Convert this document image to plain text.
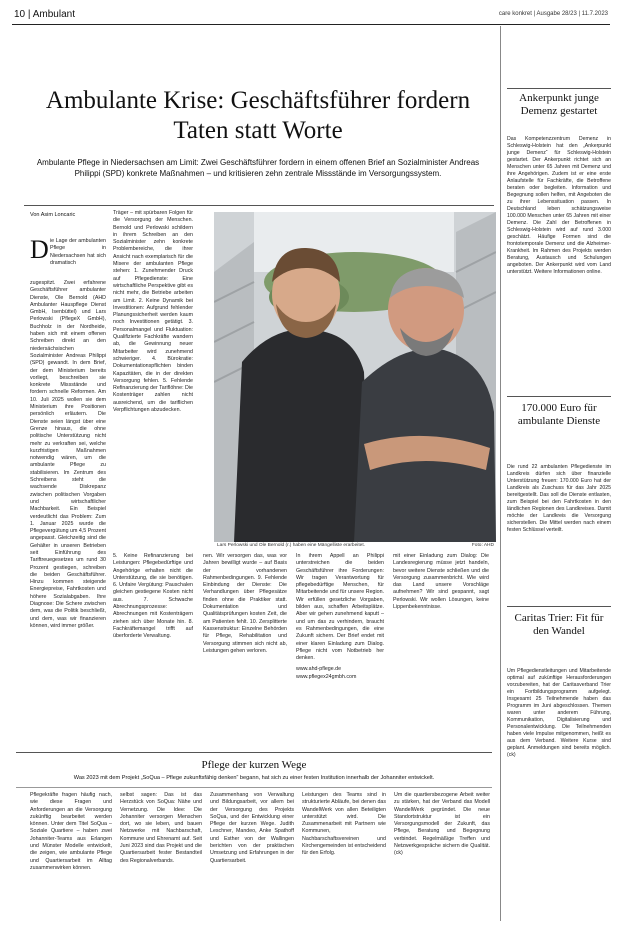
10 | Ambulant	care konkret | Ausgabe 28/23 | 11.7.2023
Ambulante Krise: Geschäftsführer fordern Taten statt Worte
Ambulante Pflege in Niedersachsen am Limit: Zwei Geschäftsführer fordern in einem offenen Brief an Sozialminister Andreas Philippi (SPD) konkrete Maßnahmen – und kritisieren zehn zentrale Missstände im Versorgungssystem.
Von Asim Loncaric
D ie Lage der ambulanten Pflege in Niedersachsen hat sich dramatisch
zugespitzt. Zwei erfahrene Geschäftsführer ambulanter Dienste, Ole Bernold (AHD Ambulanter Hauspflege Dienst GmbH, Isenbüttel) und Lars Perlowski (PflegeX GmbH), Buchholz in der Nordheide, haben sich mit einem offenen Schreiben direkt an den niedersächsischen Sozialminister Andreas Philippi (SPD) gewandt. In dem Brief, der dem Ministerium bereits vorliegt, beschreiben sie konkrete Missstände und fordern schnelle Reformen. Am 10. Juli 2025 wollen sie dem Ministerium ihre Positionen persönlich erläutern. Die Dienste seien längst über eine Grenze hinaus, die ohne politische Unterstützung nicht mehr zu verkraften sei, welche kurzfristigen Maßnahmen notwendig wären, um die ambulante Pflege zu stabilisieren. Im Zentrum des Schreibens steht die wachsende Diskrepanz zwischen politischen Vorgaben und wirtschaftlicher Machbarkeit. Ein Beispiel verdeutlicht das Problem: Zum 1. Januar 2025 wurde die Pflegevergütung um 4,5 Prozent angepasst. Gleichzeitig sind die Gehälter in unseren Betrieben seit Einführung des Tariftreuegesetzes um rund 30 Prozent gestiegen, schreiben die beiden Geschäftsführer. Hinzu kommen steigende Energiepreise, Fahrtkosten und höhere Sozialabgaben. Ihre Diagnose: Die Schere zwischen dem, was die Politik beschließt, und dem, was wir finanzieren können, wird immer größer.
Träger – mit spürbaren Folgen für die Versorgung der Menschen. Bernold und Perlowski schildern in ihrem Schreiben an den Sozialminister zehn konkrete Problembereiche, die ihrer Ansicht nach exemplarisch für die Misere der ambulanten Pflege stehen: 1. Zunehmender Druck auf Pflegedienste: Eine wirtschaftliche Perspektive gibt es nicht mehr, die Betriebe arbeiten am Limit. 2. Keine Dynamik bei Investitionen: Aufgrund fehlender Planungssicherheit werden kaum noch Investitionen getätigt. 3. Personalmangel und Fluktuation: Qualifizierte Fachkräfte wandern ab, die Gewinnung neuer Mitarbeiter wird zunehmend schwieriger. 4. Bürokratie: Dokumentationspflichten binden Kapazitäten, die in der direkten Versorgung fehlen. 5. Fehlende Refinanzierung der Tariflöhne: Die Kostenträger zahlen nicht ausreichend, um die tariflichen Verpflichtungen abzudecken.
Lars Perlowski und Ole Bernold (r.) haben eine Mängelliste erarbeitet.	Foto: AHD
5. Keine Refinanzierung bei Leistungen: Pflegebedürftige und Angehörige erhalten nicht die Unterstützung, die sie benötigen. 6. Unfaire Vergütung: Pauschalen gleichen gestiegene Kosten nicht aus. 7. Schwache Abrechnungsprozesse: Abrechnungen mit Kostenträgern ziehen sich über Monate hin. 8. Fachkräftemangel trifft auf überforderte Verwaltung.
nen. Wir versorgen das, was vor Jahren bewilligt wurde – auf Basis der vorhandenen Rahmenbedingungen. 9. Fehlende Einbindung der Dienste: Die Verhandlungen über Pflegesätze finden ohne die Praktiker statt. Dokumentation und Qualitätsprüfungen kosten Zeit, die am Patienten fehlt. 10. Zersplitterte Kassenstruktur: Einzelne Behörden für Pflege, Rehabilitation und Versorgung stimmen sich nicht ab, Leistungen gehen verloren.
In ihrem Appell an Philippi unterstreichen die beiden Geschäftsführer ihre Forderungen: Wir tragen Verantwortung für pflegebedürftige Menschen, für Mitarbeitende und für unsere Region. Wir erfüllen gesetzliche Vorgaben, bilden aus, schaffen Arbeitsplätze. Aber wir gehen zunehmend kaputt – und um das zu verhindern, braucht es Rahmenbedingungen, die eine Zukunft sichern. Der Brief endet mit einer klaren Einladung zum Dialog. Pflege nicht vom Notbetrieb her denken.
www.ahd-pflege.de
www.pflegex24gmbh.com
mit einer Einladung zum Dialog: Die Landesregierung müsse jetzt handeln, bevor weitere Dienste schließen und die Versorgung zusammenbricht. Wie wird das Land unsere Vorschläge aufnehmen? Wir sind gespannt, sagt Perlowski. Wir wollen Lösungen, keine Lippenbekenntnisse.
Pflege der kurzen Wege
Was 2023 mit dem Projekt „SoQua – Pflege zukunftsfähig denken“ begann, hat sich zu einer festen Institution innerhalb der Johanniter entwickelt.
Pflegekräfte fragen häufig nach, wie diese Fragen und Anforderungen an die Versorgung zukünftig bearbeitet werden können. Unter dem Titel SoQua – Soziale Quartiere – haben zwei Johanniter-Teams aus Erlangen und Münster Modelle entwickelt, die zeigen, wie ambulante Pflege und Quartiersarbeit im Alltag zusammenwirken können.
selbst sagen: Das ist das Herzstück von SoQua: Nähe und Vernetzung. Die Idee: Die Johanniter versorgen Menschen dort, wo sie leben, und bauen Netzwerke mit Nachbarschaft, Kommune und Ehrenamt auf. Seit Juni 2023 sind das Projekt und die Quartiersarbeit fester Bestandteil des Regionalverbands.
Zusammenhang von Verwaltung und Bildungsarbeit, vor allem bei der Versorgung des Projekts SoQua, und der Entwicklung einer Pflege der kurzen Wege. Judith Leschner, Mandeo, Anke Spathoff und Esther von der Wallingen berichten von der praktischen Umsetzung und Erfahrungen in der Quartiersarbeit.
Leistungen des Teams sind in strukturierte Abläufe, bei denen das WandelWerk von allen Beteiligten unterstützt wird. Die Zusammenarbeit mit Partnern wie Kommunen, Nachbarschaftsvereinen und Kirchengemeinden ist entscheidend für den Erfolg.
Um die quartiersbezogene Arbeit weiter zu stärken, hat der Verband das Modell WandelWerk gegründet. Die neue Standortstruktur ist ein Versorgungsmodell der Zukunft, das Pflege, Beratung und Begegnung verbindet. Regelmäßige Treffen und Netzwerkgespräche sichern die Qualität. (ck)
Ankerpunkt junge Demenz gestartet
Das Kompetenzzentrum Demenz in Schleswig-Holstein hat den „Ankerpunkt junge Demenz“ für Schleswig-Holstein gestartet. Der Ankerpunkt richtet sich an Menschen unter 65 Jahren mit Demenz und ihre Angehörigen. Zudem ist er eine erste Anlaufstelle für Fachkräfte, die Betroffene beraten oder begleiten. Information und Begegnung sollen helfen, mit Angeboten die zu ihrer Lebenssituation passen. In Deutschland leben schätzungsweise 100.000 Menschen unter 65 Jahren mit einer Demenz. Die Zahl der Betroffenen in Schleswig-Holstein wird auf rund 3.000 geschätzt. Häufige Formen sind die frontotemporale Demenz und die Alzheimer-Krankheit. Im Rahmen des Projekts werden Beratung, Austausch und Schulungen angeboten. Der Ankerpunkt wird vom Land unterstützt. Weitere Informationen online.
170.000 Euro für ambulante Dienste
Die rund 22 ambulanten Pflegedienste im Landkreis dürfen sich über finanzielle Unterstützung freuen: 170.000 Euro hat der Landkreis als Zuschuss für das Jahr 2025 bereitgestellt. Das soll die Dienste entlasten, zum Beispiel bei den Fahrtkosten in den ländlichen Regionen des Landkreises. Damit möchte der Landkreis die Versorgung sicherstellen. Die Mittel werden nach einem festen Schlüssel verteilt.
Caritas Trier: Fit für den Wandel
Um Pflegedienstleitungen und Mitarbeitende optimal auf zukünftige Herausforderungen vorzubereiten, hat der Caritasverband Trier ein Fortbildungsprogramm aufgelegt. Insgesamt 25 Teilnehmende haben das Programm im Juni abgeschlossen. Themen waren unter anderem Führung, Kommunikation, Digitalisierung und Personalentwicklung. Die Teilnehmenden haben viele Impulse mitgenommen, heißt es aus dem Verband. Weitere Kurse sind geplant. Anmeldungen sind bereits möglich. (ck)
